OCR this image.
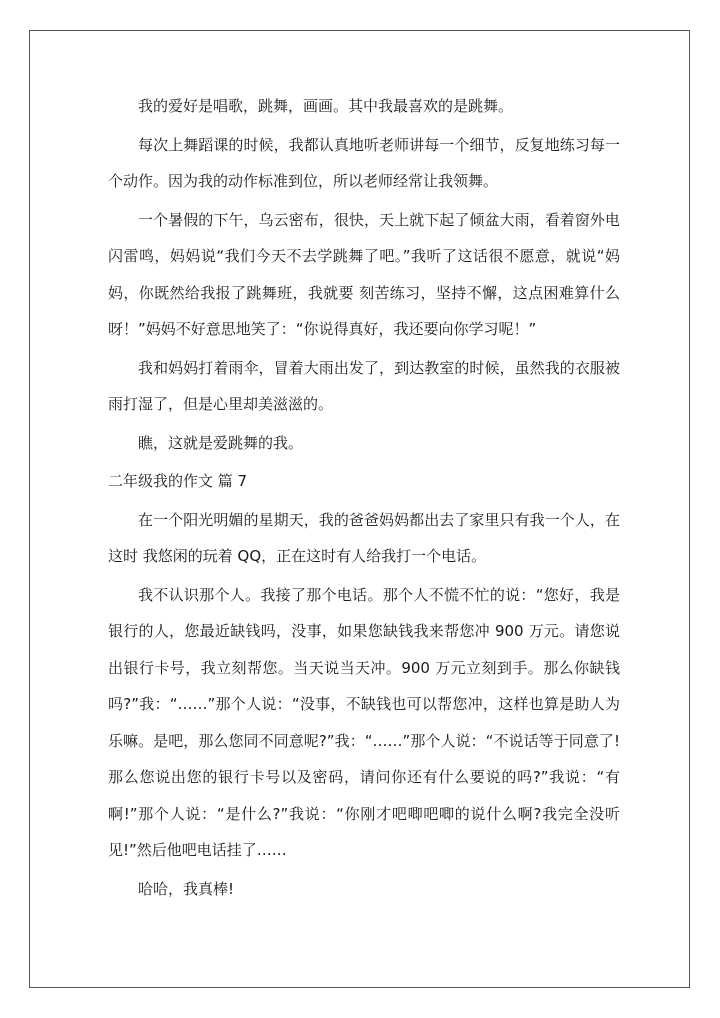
我的爱好是唱歌，跳舞，画画。其中我最喜欢的是跳舞。

每次上舞蹈课的时候，我都认真地听老师讲每一个细节，反复地练习每一个动作。因为我的动作标准到位，所以老师经常让我领舞。

一个暑假的下午，乌云密布，很快，天上就下起了倾盆大雨，看着窗外电闪雷鸣，妈妈说“我们今天不去学跳舞了吧。”我听了这话很不愿意，就说“妈妈，你既然给我报了跳舞班，我就要 刻苦练习，坚持不懈，这点困难算什么呀！”妈妈不好意思地笑了：“你说得真好，我还要向你学习呢！”

我和妈妈打着雨伞，冒着大雨出发了，到达教室的时候，虽然我的衣服被雨打湿了，但是心里却美滋滋的。

瞧，这就是爱跳舞的我。

二年级我的作文 篇 7

在一个阳光明媚的星期天，我的爸爸妈妈都出去了家里只有我一个人，在这时 我悠闲的玩着 QQ，正在这时有人给我打一个电话。

我不认识那个人。我接了那个电话。那个人不慌不忙的说：“您好，我是银行的人，您最近缺钱吗，没事，如果您缺钱我来帮您冲 900 万元。请您说出银行卡号，我立刻帮您。当天说当天冲。900 万元立刻到手。那么你缺钱吗?”我：“……”那个人说：“没事，不缺钱也可以帮您冲，这样也算是助人为乐嘛。是吧，那么您同不同意呢?”我：“……”那个人说：“不说话等于同意了!那么您说出您的银行卡号以及密码，请问你还有什么要说的吗?”我说：“有啊!”那个人说：“是什么?”我说：“你刚才吧唧吧唧的说什么啊?我完全没听见!”然后他吧电话挂了……

哈哈，我真棒!
